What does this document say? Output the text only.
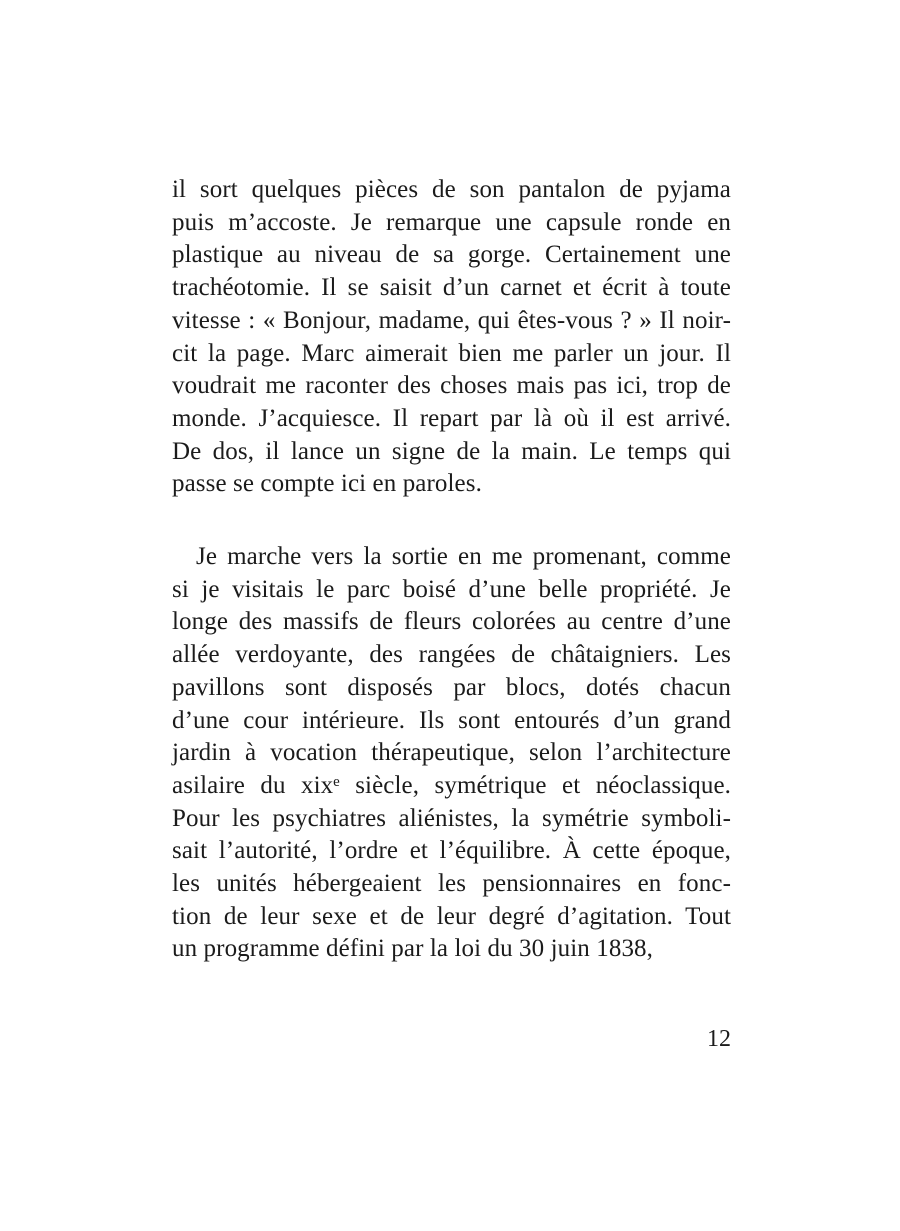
il sort quelques pièces de son pantalon de pyjama
puis m’accoste. Je remarque une capsule ronde en
plastique au niveau de sa gorge. Certainement une
trachéotomie. Il se saisit d’un carnet et écrit à toute
vitesse : « Bonjour, madame, qui êtes-vous ? » Il noir-
cit la page. Marc aimerait bien me parler un jour. Il
voudrait me raconter des choses mais pas ici, trop de
monde. J’acquiesce. Il repart par là où il est arrivé.
De dos, il lance un signe de la main. Le temps qui
passe se compte ici en paroles.
Je marche vers la sortie en me promenant, comme
si je visitais le parc boisé d’une belle propriété. Je
longe des massifs de fleurs colorées au centre d’une
allée verdoyante, des rangées de châtaigniers. Les
pavillons sont disposés par blocs, dotés chacun
d’une cour intérieure. Ils sont entourés d’un grand
jardin à vocation thérapeutique, selon l’architecture
asilaire du xixᵉ siècle, symétrique et néoclassique.
Pour les psychiatres aliénistes, la symétrie symboli-
sait l’autorité, l’ordre et l’équilibre. À cette époque,
les unités hébergeaient les pensionnaires en fonc-
tion de leur sexe et de leur degré d’agitation. Tout
un programme défini par la loi du 30 juin 1838,
12
